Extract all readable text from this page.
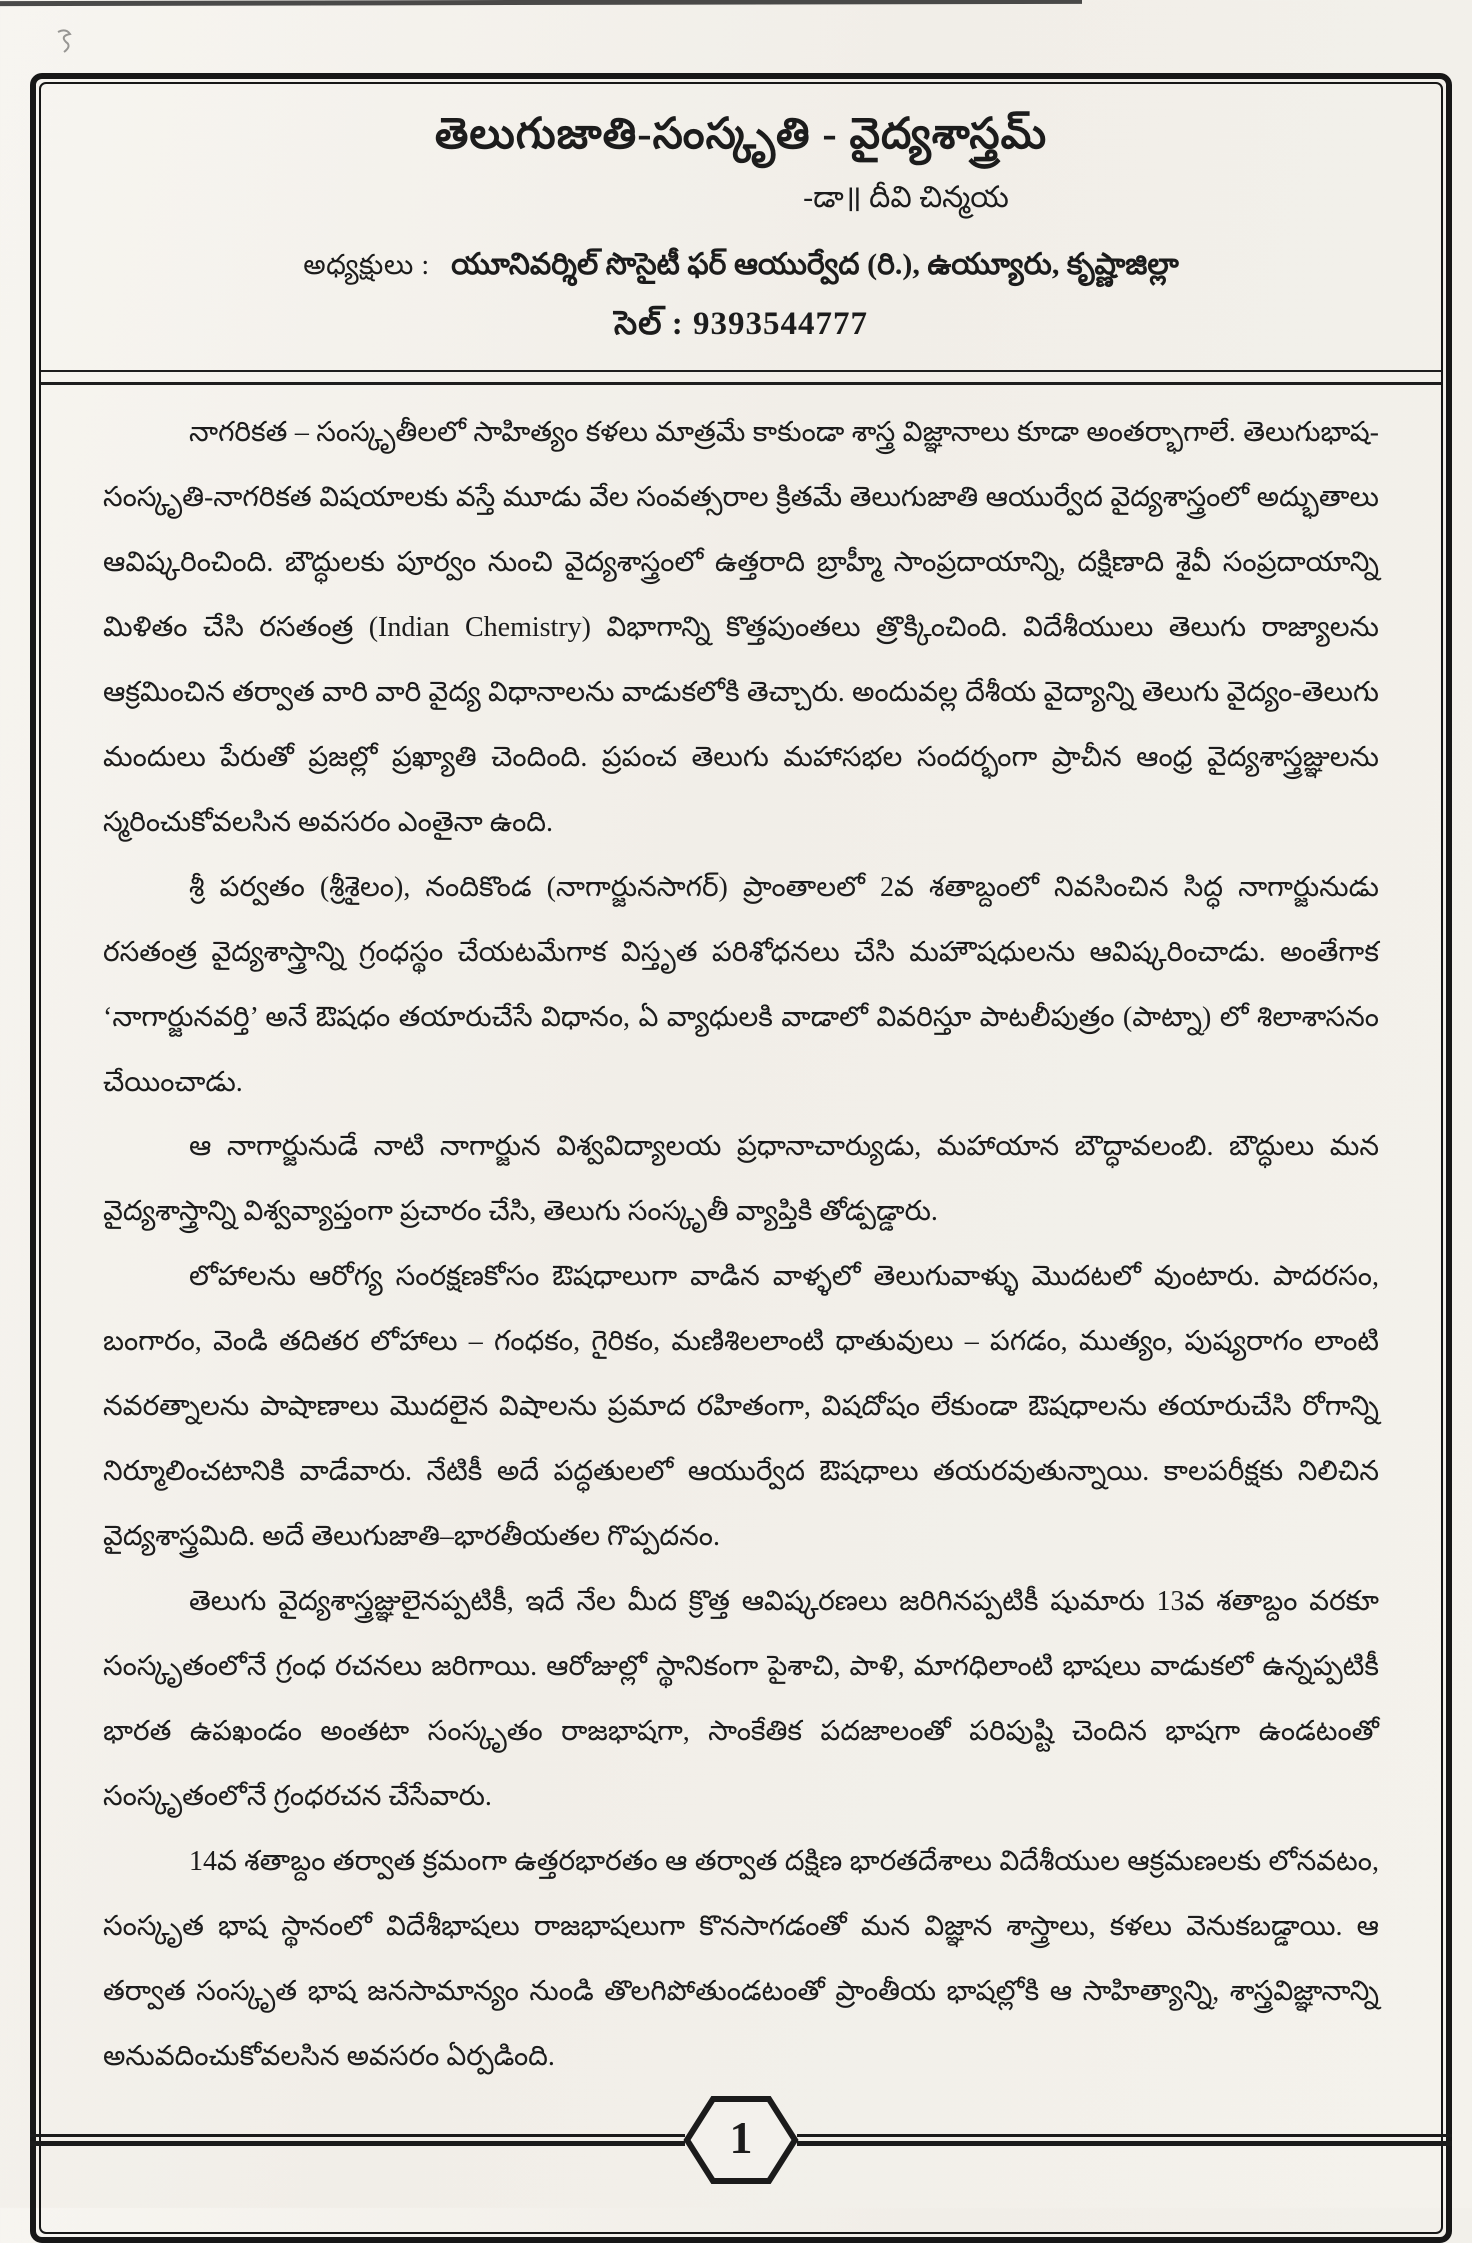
తెలుగుజాతి-సంస్కృతి - వైద్యశాస్త్రమ్
-డా॥ దీవి చిన్మయ
అధ్యక్షులు : యూనివర్శిల్ సొసైటీ ఫర్ ఆయుర్వేద (రి.), ఉయ్యూరు, కృష్ణాజిల్లా
సెల్ : 9393544777

నాగరికత – సంస్కృతీలలో సాహిత్యం కళలు మాత్రమే కాకుండా శాస్త్ర విజ్ఞానాలు కూడా అంతర్భాగాలే. తెలుగుభాష- సంస్కృతి-నాగరికత విషయాలకు వస్తే మూడు వేల సంవత్సరాల క్రితమే తెలుగుజాతి ఆయుర్వేద వైద్యశాస్త్రంలో అద్భుతాలు ఆవిష్కరించింది. బౌద్ధులకు పూర్వం నుంచి వైద్యశాస్త్రంలో ఉత్తరాది బ్రాహ్మీ సాంప్రదాయాన్ని, దక్షిణాది శైవీ సంప్రదాయాన్ని మిళితం చేసి రసతంత్ర (Indian Chemistry) విభాగాన్ని కొత్తపుంతలు త్రొక్కించింది. విదేశీయులు తెలుగు రాజ్యాలను ఆక్రమించిన తర్వాత వారి వారి వైద్య విధానాలను వాడుకలోకి తెచ్చారు. అందువల్ల దేశీయ వైద్యాన్ని తెలుగు వైద్యం-తెలుగు మందులు పేరుతో ప్రజల్లో ప్రఖ్యాతి చెందింది. ప్రపంచ తెలుగు మహాసభల సందర్భంగా ప్రాచీన ఆంధ్ర వైద్యశాస్త్రజ్ఞులను స్మరించుకోవలసిన అవసరం ఎంతైనా ఉంది.

శ్రీ పర్వతం (శ్రీశైలం), నందికొండ (నాగార్జునసాగర్) ప్రాంతాలలో 2వ శతాబ్దంలో నివసించిన సిద్ధ నాగార్జునుడు రసతంత్ర వైద్యశాస్త్రాన్ని గ్రంధస్థం చేయటమేగాక విస్తృత పరిశోధనలు చేసి మహౌషధులను ఆవిష్కరించాడు. అంతేగాక ‘నాగార్జునవర్తి’ అనే ఔషధం తయారుచేసే విధానం, ఏ వ్యాధులకి వాడాలో వివరిస్తూ పాటలీపుత్రం (పాట్నా) లో శిలాశాసనం చేయించాడు.

ఆ నాగార్జునుడే నాటి నాగార్జున విశ్వవిద్యాలయ ప్రధానాచార్యుడు, మహాయాన బౌద్ధావలంబి. బౌద్ధులు మన వైద్యశాస్త్రాన్ని విశ్వవ్యాప్తంగా ప్రచారం చేసి, తెలుగు సంస్కృతీ వ్యాప్తికి తోడ్పడ్డారు.

లోహాలను ఆరోగ్య సంరక్షణకోసం ఔషధాలుగా వాడిన వాళ్ళలో తెలుగువాళ్ళు మొదటలో వుంటారు. పాదరసం, బంగారం, వెండి తదితర లోహాలు – గంధకం, గైరికం, మణిశిలలాంటి ధాతువులు – పగడం, ముత్యం, పుష్యరాగం లాంటి నవరత్నాలను పాషాణాలు మొదలైన విషాలను ప్రమాద రహితంగా, విషదోషం లేకుండా ఔషధాలను తయారుచేసి రోగాన్ని నిర్మూలించటానికి వాడేవారు. నేటికీ అదే పద్ధతులలో ఆయుర్వేద ఔషధాలు తయరవుతున్నాయి. కాలపరీక్షకు నిలిచిన వైద్యశాస్త్రమిది. అదే తెలుగుజాతి–భారతీయతల గొప్పదనం.

తెలుగు వైద్యశాస్త్రజ్ఞులైనప్పటికీ, ఇదే నేల మీద క్రొత్త ఆవిష్కరణలు జరిగినప్పటికీ షుమారు 13వ శతాబ్దం వరకూ సంస్కృతంలోనే గ్రంధ రచనలు జరిగాయి. ఆరోజుల్లో స్థానికంగా పైశాచి, పాళి, మాగధిలాంటి భాషలు వాడుకలో ఉన్నప్పటికీ భారత ఉపఖండం అంతటా సంస్కృతం రాజభాషగా, సాంకేతిక పదజాలంతో పరిపుష్టి చెందిన భాషగా ఉండటంతో సంస్కృతంలోనే గ్రంధరచన చేసేవారు.

14వ శతాబ్దం తర్వాత క్రమంగా ఉత్తరభారతం ఆ తర్వాత దక్షిణ భారతదేశాలు విదేశీయుల ఆక్రమణలకు లోనవటం, సంస్కృత భాష స్థానంలో విదేశీభాషలు రాజభాషలుగా కొనసాగడంతో మన విజ్ఞాన శాస్త్రాలు, కళలు వెనుకబడ్డాయి. ఆ తర్వాత సంస్కృత భాష జనసామాన్యం నుండి తొలగిపోతుండటంతో ప్రాంతీయ భాషల్లోకి ఆ సాహిత్యాన్ని, శాస్త్రవిజ్ఞానాన్ని అనువదించుకోవలసిన అవసరం ఏర్పడింది.

1
